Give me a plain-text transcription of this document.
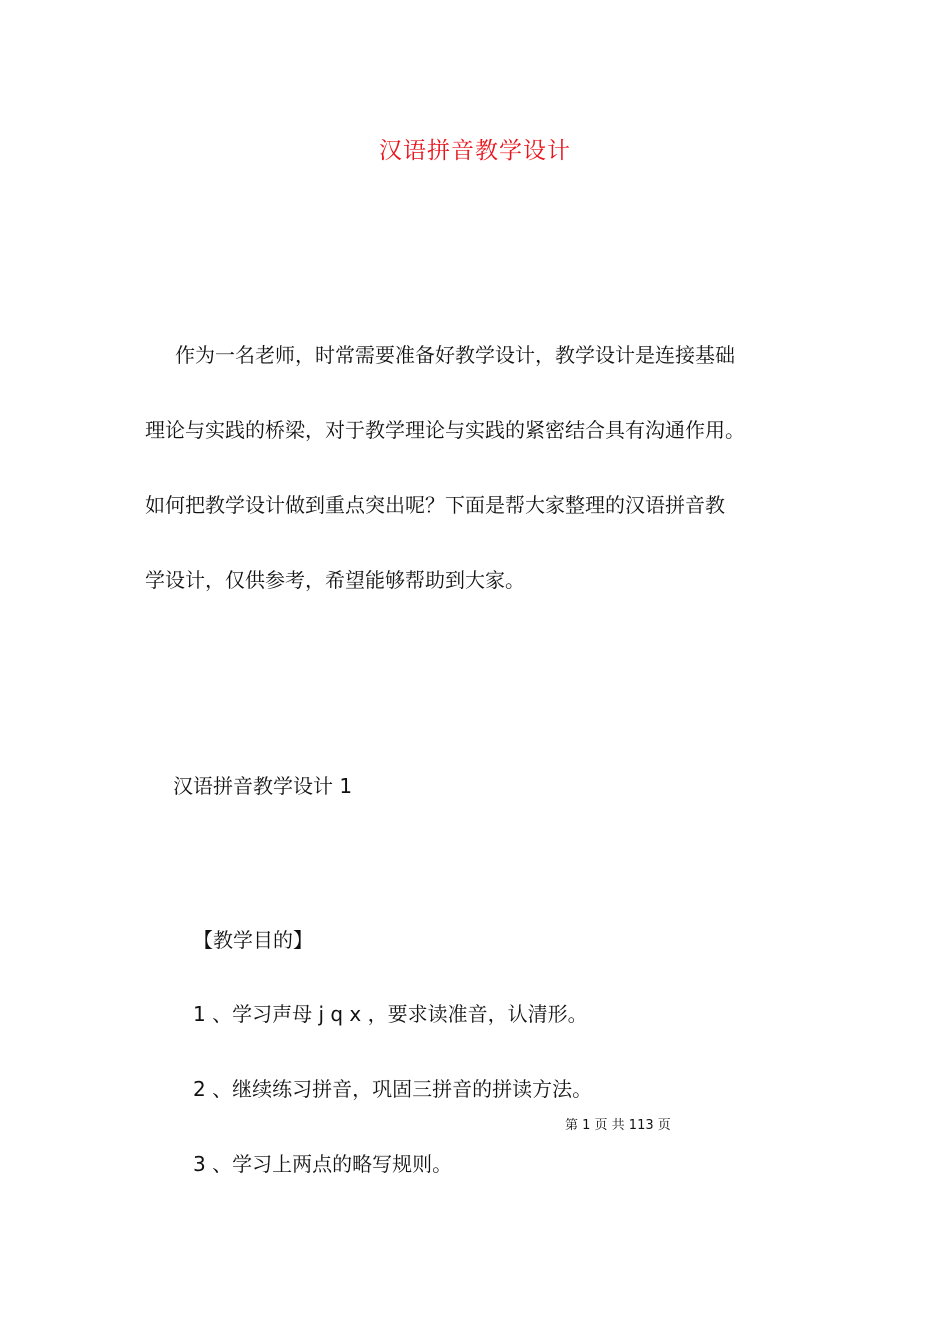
汉语拼音教学设计

作为一名老师，时常需要准备好教学设计，教学设计是连接基础
理论与实践的桥梁，对于教学理论与实践的紧密结合具有沟通作用。
如何把教学设计做到重点突出呢？下面是帮大家整理的汉语拼音教
学设计，仅供参考，希望能够帮助到大家。

汉语拼音教学设计 1
【教学目的】
1 、学习声母 j q x ，要求读准音，认清形。
2 、继续练习拼音，巩固三拼音的拼读方法。
第 1 页 共 113 页
3 、学习上两点的略写规则。
